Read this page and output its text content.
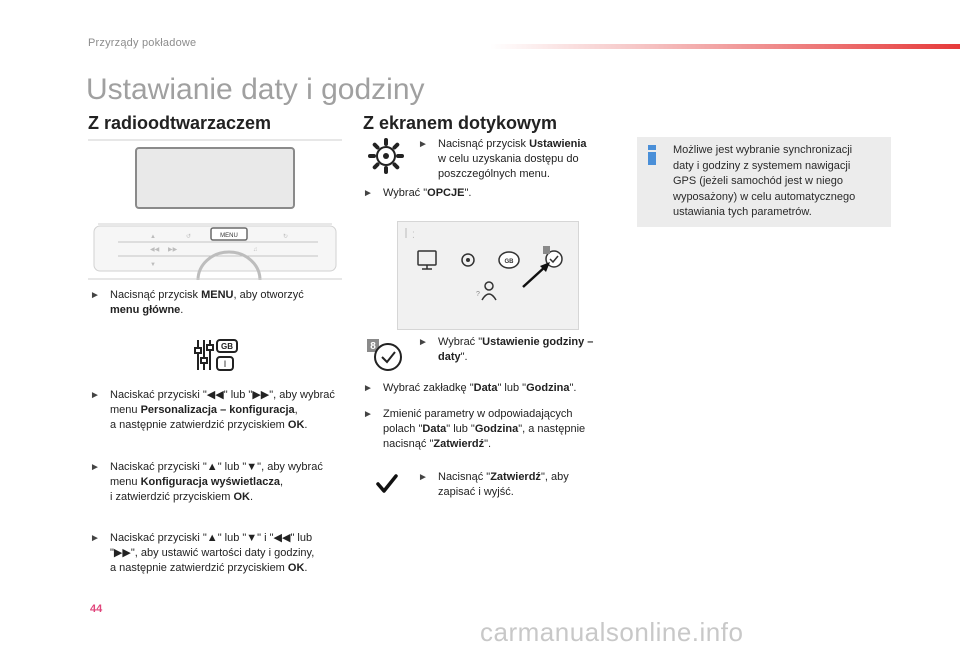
Przyrządy pokładowe
Ustawianie daty i godziny
Z radioodtwarzaczem
MENU
▲	↺
◀◀ ▶▶
▼
♫
↻
► Nacisnąć przycisk MENU, aby otworzyć
menu główne.
GB
I
► Naciskać przyciski "◀◀" lub "▶▶", aby wybrać
menu Personalizacja – konfiguracja,
a następnie zatwierdzić przyciskiem OK.
► Naciskać przyciski "▲" lub "▼", aby wybrać
menu Konfiguracja wyświetlacza,
i zatwierdzić przyciskiem OK.
► Naciskać przyciski "▲" lub "▼" i "◀◀" lub
"▶▶", aby ustawić wartości daty i godziny,
a następnie zatwierdzić przyciskiem OK.
Z ekranem dotykowym
► Nacisnąć przycisk Ustawienia
w celu uzyskania dostępu do
poszczególnych menu.
► Wybrać "OPCJE".
⁚
GB
?
8	► Wybrać "Ustawienie godziny –
daty".
► Wybrać zakładkę "Data" lub "Godzina".
► Zmienić parametry w odpowiadających
polach "Data" lub "Godzina", a następnie
nacisnąć "Zatwierdź".
► Nacisnąć "Zatwierdź", aby
zapisać i wyjść.
Możliwe jest wybranie synchronizacji
daty i godziny z systemem nawigacji
GPS (jeżeli samochód jest w niego
wyposażony) w celu automatycznego
ustawiania tych parametrów.
44
carmanualsonline.info
